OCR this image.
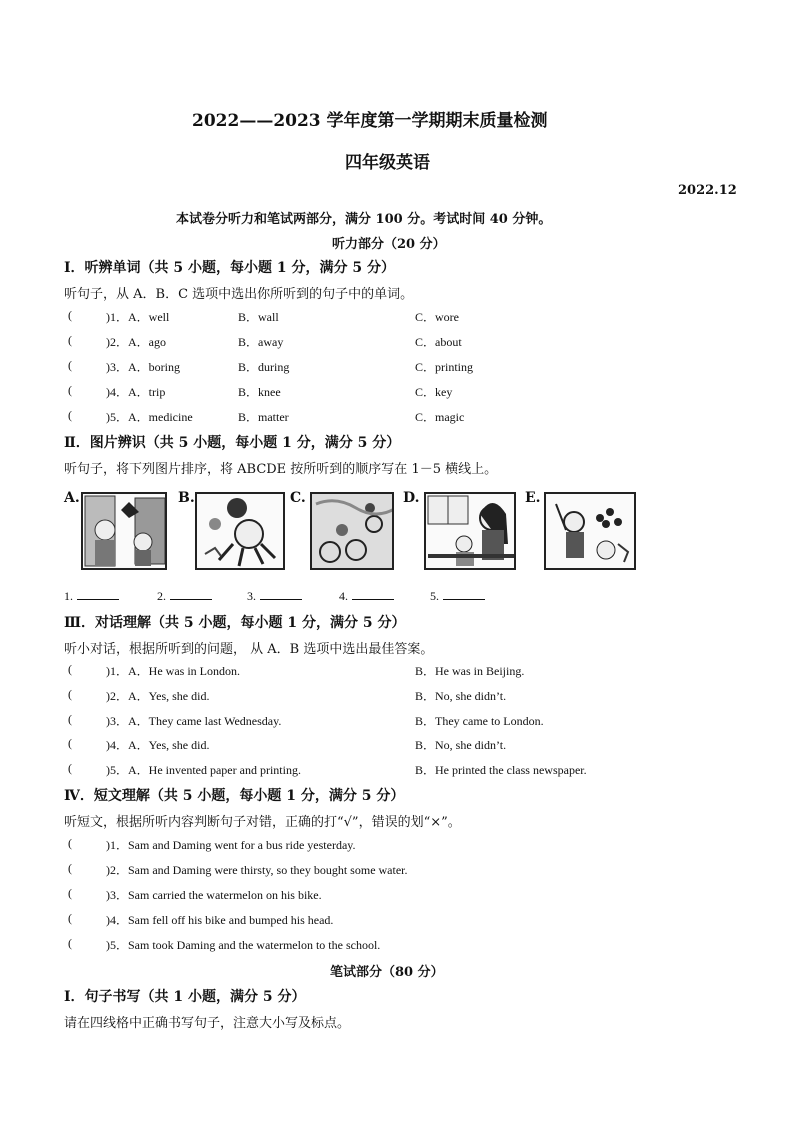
2022——2023 学年度第一学期期末质量检测
四年级英语
2022.12
本试卷分听力和笔试两部分，满分 100 分。考试时间 40 分钟。
听力部分（20 分）
Ⅰ．听辨单词（共 5 小题，每小题 1 分，满分 5 分）
听句子，从 A．B．C 选项中选出你所听到的句子中的单词。
(	)1．A．well	B．wall	C．wore
(	)2．A．ago	B．away	C．about
(	)3．A．boring	B．during	C．printing
(	)4．A．trip	B．knee	C．key
(	)5．A．medicine	B．matter	C．magic
Ⅱ．图片辨识（共 5 小题，每小题 1 分，满分 5 分）
听句子，将下列图片排序，将 ABCDE 按所听到的顺序写在 1－5 横线上。
A.	B.	C.	D.	E.
1.	2.	3.	4.	5.
Ⅲ．对话理解（共 5 小题，每小题 1 分，满分 5 分）
听小对话，根据所听到的问题， 从 A．B 选项中选出最佳答案。
(	)1．A．He was in London.	B．He was in Beijing.
(	)2．A．Yes, she did.	B．No, she didn’t.
(	)3．A．They came last Wednesday.	B．They came to London.
(	)4．A．Yes, she did.	B．No, she didn’t.
(	)5．A．He invented paper and printing.	B．He printed the class newspaper.
Ⅳ．短文理解（共 5 小题，每小题 1 分，满分 5 分）
听短文，根据所听内容判断句子对错，正确的打“√”，错误的划“×”。
(	)1．Sam and Daming went for a bus ride yesterday.
(	)2．Sam and Daming were thirsty, so they bought some water.
(	)3．Sam carried the watermelon on his bike.
(	)4．Sam fell off his bike and bumped his head.
(	)5．Sam took Daming and the watermelon to the school.
笔试部分（80 分）
Ⅰ．句子书写（共 1 小题，满分 5 分）
请在四线格中正确书写句子，注意大小写及标点。
